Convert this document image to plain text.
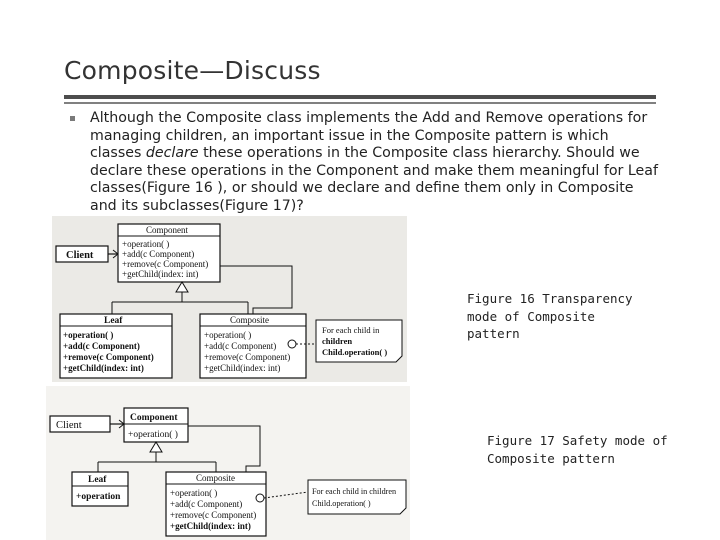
Composite—Discuss
Although the Composite class implements the Add and Remove operations for managing children, an important issue in the Composite pattern is which classes declare these operations in the Composite class hierarchy. Should we declare these operations in the Component and make them meaningful for Leaf classes(Figure 16 ), or should we declare and define them only in Composite and its subclasses(Figure 17)?
Client
Component
+operation( )
+add(c Component)
+remove(c Component)
+getChild(index: int)
Leaf
+operation( )
+add(c Component)
+remove(c Component)
+getChild(index: int)
Composite
+operation( )
+add(c Component)
+remove(c Component)
+getChild(index: int)
For each child in
children
Child.operation( )
Figure 16 Transparency mode of Composite pattern
Client
Component
+operation( )
Leaf
+operation
Composite
+operation( )
+add(c Component)
+remove(c Component)
+getChild(index: int)
For each child in children
Child.operation( )
Figure 17 Safety mode of Composite pattern
